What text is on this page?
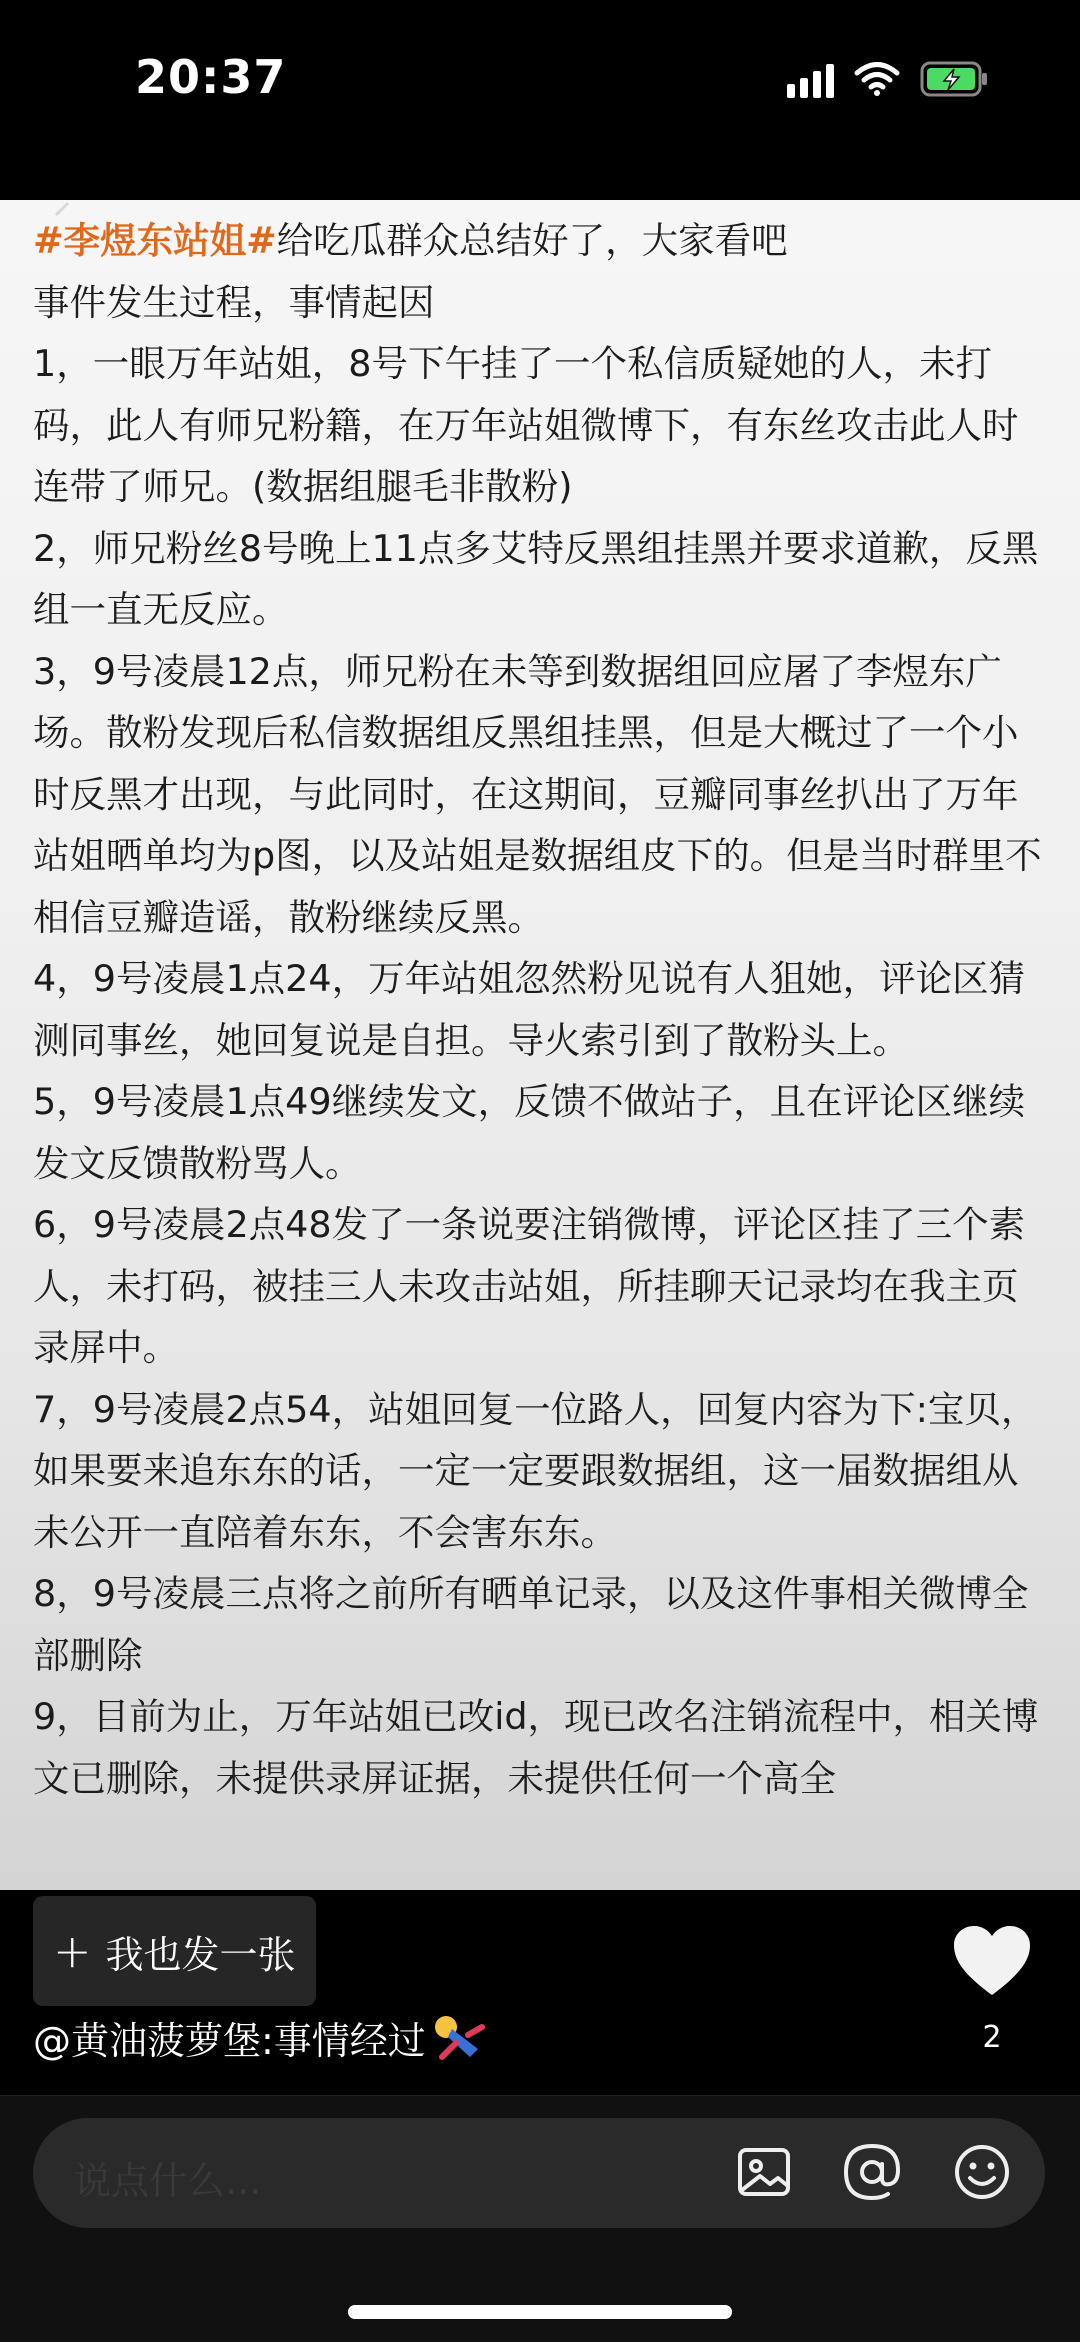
20:37

#李煜东站姐#给吃瓜群众总结好了，大家看吧

事件发生过程，事情起因

1，一眼万年站姐，8号下午挂了一个私信质疑她的人，未打码，此人有师兄粉籍，在万年站姐微博下，有东丝攻击此人时连带了师兄。(数据组腿毛非散粉)

2，师兄粉丝8号晚上11点多艾特反黑组挂黑并要求道歉，反黑组一直无反应。

3，9号凌晨12点，师兄粉在未等到数据组回应屠了李煜东广场。散粉发现后私信数据组反黑组挂黑，但是大概过了一个小时反黑才出现，与此同时，在这期间，豆瓣同事丝扒出了万年站姐晒单均为p图，以及站姐是数据组皮下的。但是当时群里不相信豆瓣造谣，散粉继续反黑。

4，9号凌晨1点24，万年站姐忽然粉见说有人狙她，评论区猜测同事丝，她回复说是自担。导火索引到了散粉头上。

5，9号凌晨1点49继续发文，反馈不做站子，且在评论区继续发文反馈散粉骂人。

6，9号凌晨2点48发了一条说要注销微博，评论区挂了三个素人，未打码，被挂三人未攻击站姐，所挂聊天记录均在我主页录屏中。

7，9号凌晨2点54，站姐回复一位路人，回复内容为下:宝贝，如果要来追东东的话，一定一定要跟数据组，这一届数据组从未公开一直陪着东东，不会害东东。

8，9号凌晨三点将之前所有晒单记录，以及这件事相关微博全部删除

9，目前为止，万年站姐已改id，现已改名注销流程中，相关博文已删除，未提供录屏证据，未提供任何一个高全

+ 我也发一张
2
@黄油菠萝堡:事情经过
说点什么...
